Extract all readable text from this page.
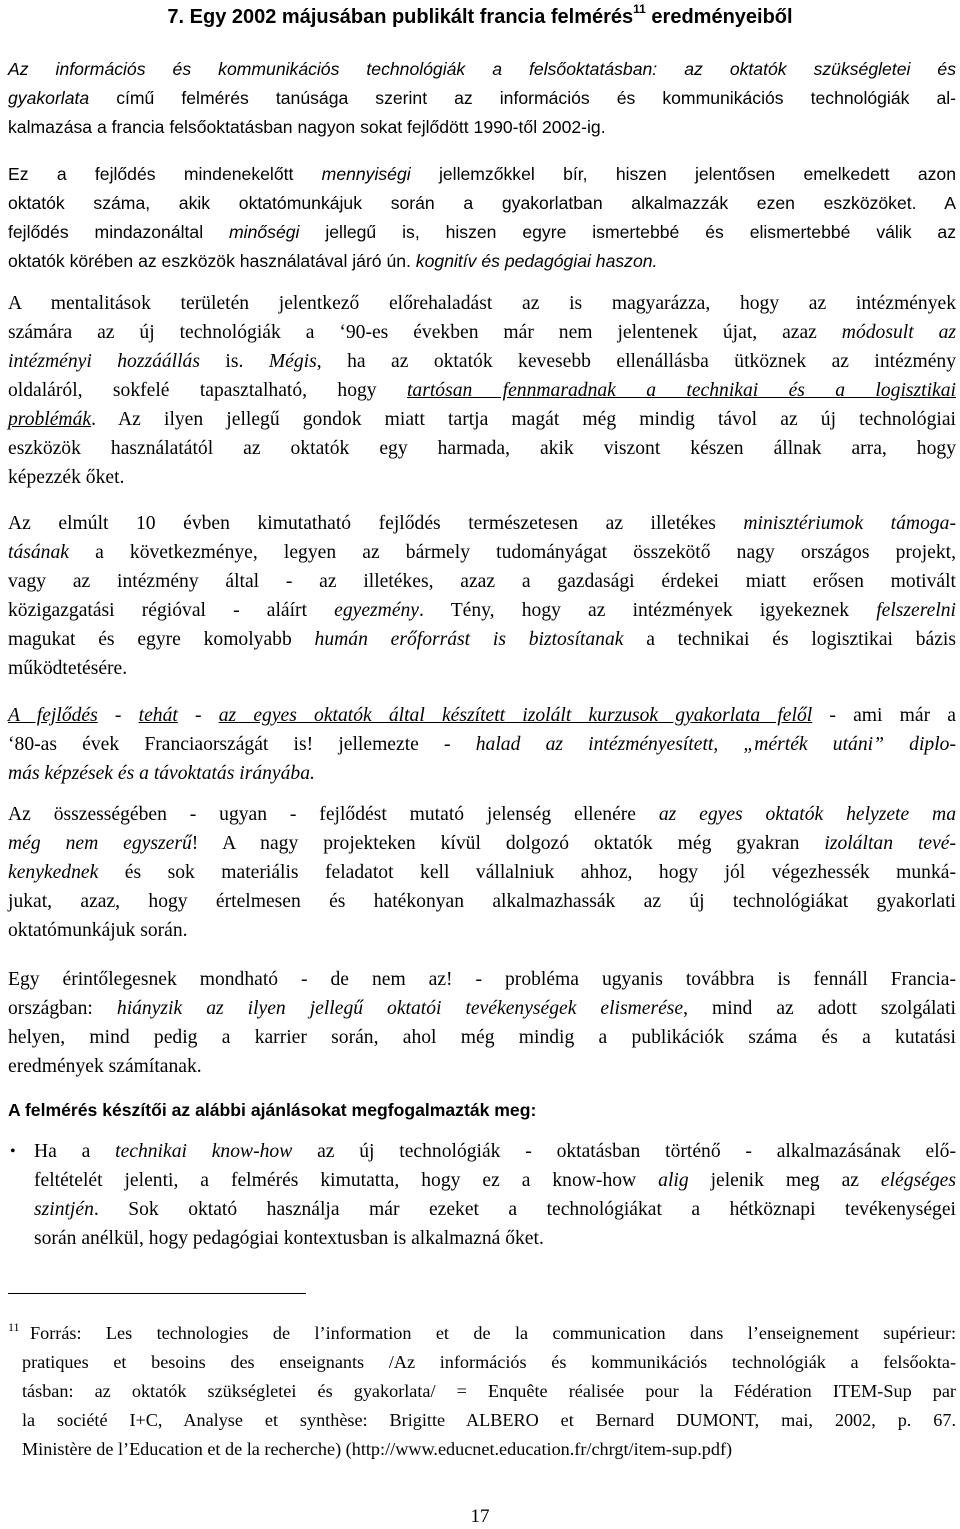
7. Egy 2002 májusában publikált francia felmérés$^{11}$ eredményeiből
Az információs és kommunikációs technológiák a felsőoktatásban: az oktatók szükségletei és
gyakorlata című felmérés tanúsága szerint az információs és kommunikációs technológiák al-
kalmazása a francia felsőoktatásban nagyon sokat fejlődött 1990-től 2002-ig.
Ez a fejlődés mindenekelőtt mennyiségi jellemzőkkel bír, hiszen jelentősen emelkedett azon
oktatók száma, akik oktatómunkájuk során a gyakorlatban alkalmazzák ezen eszközöket. A
fejlődés mindazonáltal minőségi jellegű is, hiszen egyre ismertebbé és elismertebbé válik az
oktatók körében az eszközök használatával járó ún. kognitív és pedagógiai haszon.
A mentalitások területén jelentkező előrehaladást az is magyarázza, hogy az intézmények
számára az új technológiák a ‘90-es években már nem jelentenek újat, azaz módosult az
intézményi hozzáállás is. Mégis, ha az oktatók kevesebb ellenállásba ütköznek az intézmény
oldaláról, sokfelé tapasztalható, hogy tartósan fennmaradnak a technikai és a logisztikai
problémák. Az ilyen jellegű gondok miatt tartja magát még mindig távol az új technológiai
eszközök használatától az oktatók egy harmada, akik viszont készen állnak arra, hogy
képezzék őket.
Az elmúlt 10 évben kimutatható fejlődés természetesen az illetékes minisztériumok támoga-
tásának a következménye, legyen az bármely tudományágat összekötő nagy országos projekt,
vagy az intézmény által - az illetékes, azaz a gazdasági érdekei miatt erősen motivált
közigazgatási régióval - aláírt egyezmény. Tény, hogy az intézmények igyekeznek felszerelni
magukat és egyre komolyabb humán erőforrást is biztosítanak a technikai és logisztikai bázis
működtetésére.
A fejlődés - tehát - az egyes oktatók által készített izolált kurzusok gyakorlata felől - ami már a
‘80-as évek Franciaországát is! jellemezte - halad az intézményesített, „mérték utáni” diplo-
más képzések és a távoktatás irányába.
Az összességében - ugyan - fejlődést mutató jelenség ellenére az egyes oktatók helyzete ma
még nem egyszerű! A nagy projekteken kívül dolgozó oktatók még gyakran izoláltan tevé-
kenykednek és sok materiális feladatot kell vállalniuk ahhoz, hogy jól végezhessék munká-
jukat, azaz, hogy értelmesen és hatékonyan alkalmazhassák az új technológiákat gyakorlati
oktatómunkájuk során.
Egy érintőlegesnek mondható - de nem az! - probléma ugyanis továbbra is fennáll Francia-
országban: hiányzik az ilyen jellegű oktatói tevékenységek elismerése, mind az adott szolgálati
helyen, mind pedig a karrier során, ahol még mindig a publikációk száma és a kutatási
eredmények számítanak.
A felmérés készítői az alábbi ajánlásokat megfogalmazták meg:
• Ha a technikai know-how az új technológiák - oktatásban történő - alkalmazásának elő-
feltételét jelenti, a felmérés kimutatta, hogy ez a know-how alig jelenik meg az elégséges
szintjén. Sok oktató használja már ezeket a technológiákat a hétköznapi tevékenységei
során anélkül, hogy pedagógiai kontextusban is alkalmazná őket.
11 Forrás: Les technologies de l’information et de la communication dans l’enseignement supérieur:
pratiques et besoins des enseignants /Az információs és kommunikációs technológiák a felsőokta-
tásban: az oktatók szükségletei és gyakorlata/ = Enquête réalisée pour la Fédération ITEM-Sup par
la société I+C, Analyse et synthèse: Brigitte ALBERO et Bernard DUMONT, mai, 2002, p. 67.
Ministère de l’Education et de la recherche) (http://www.educnet.education.fr/chrgt/item-sup.pdf)
17
